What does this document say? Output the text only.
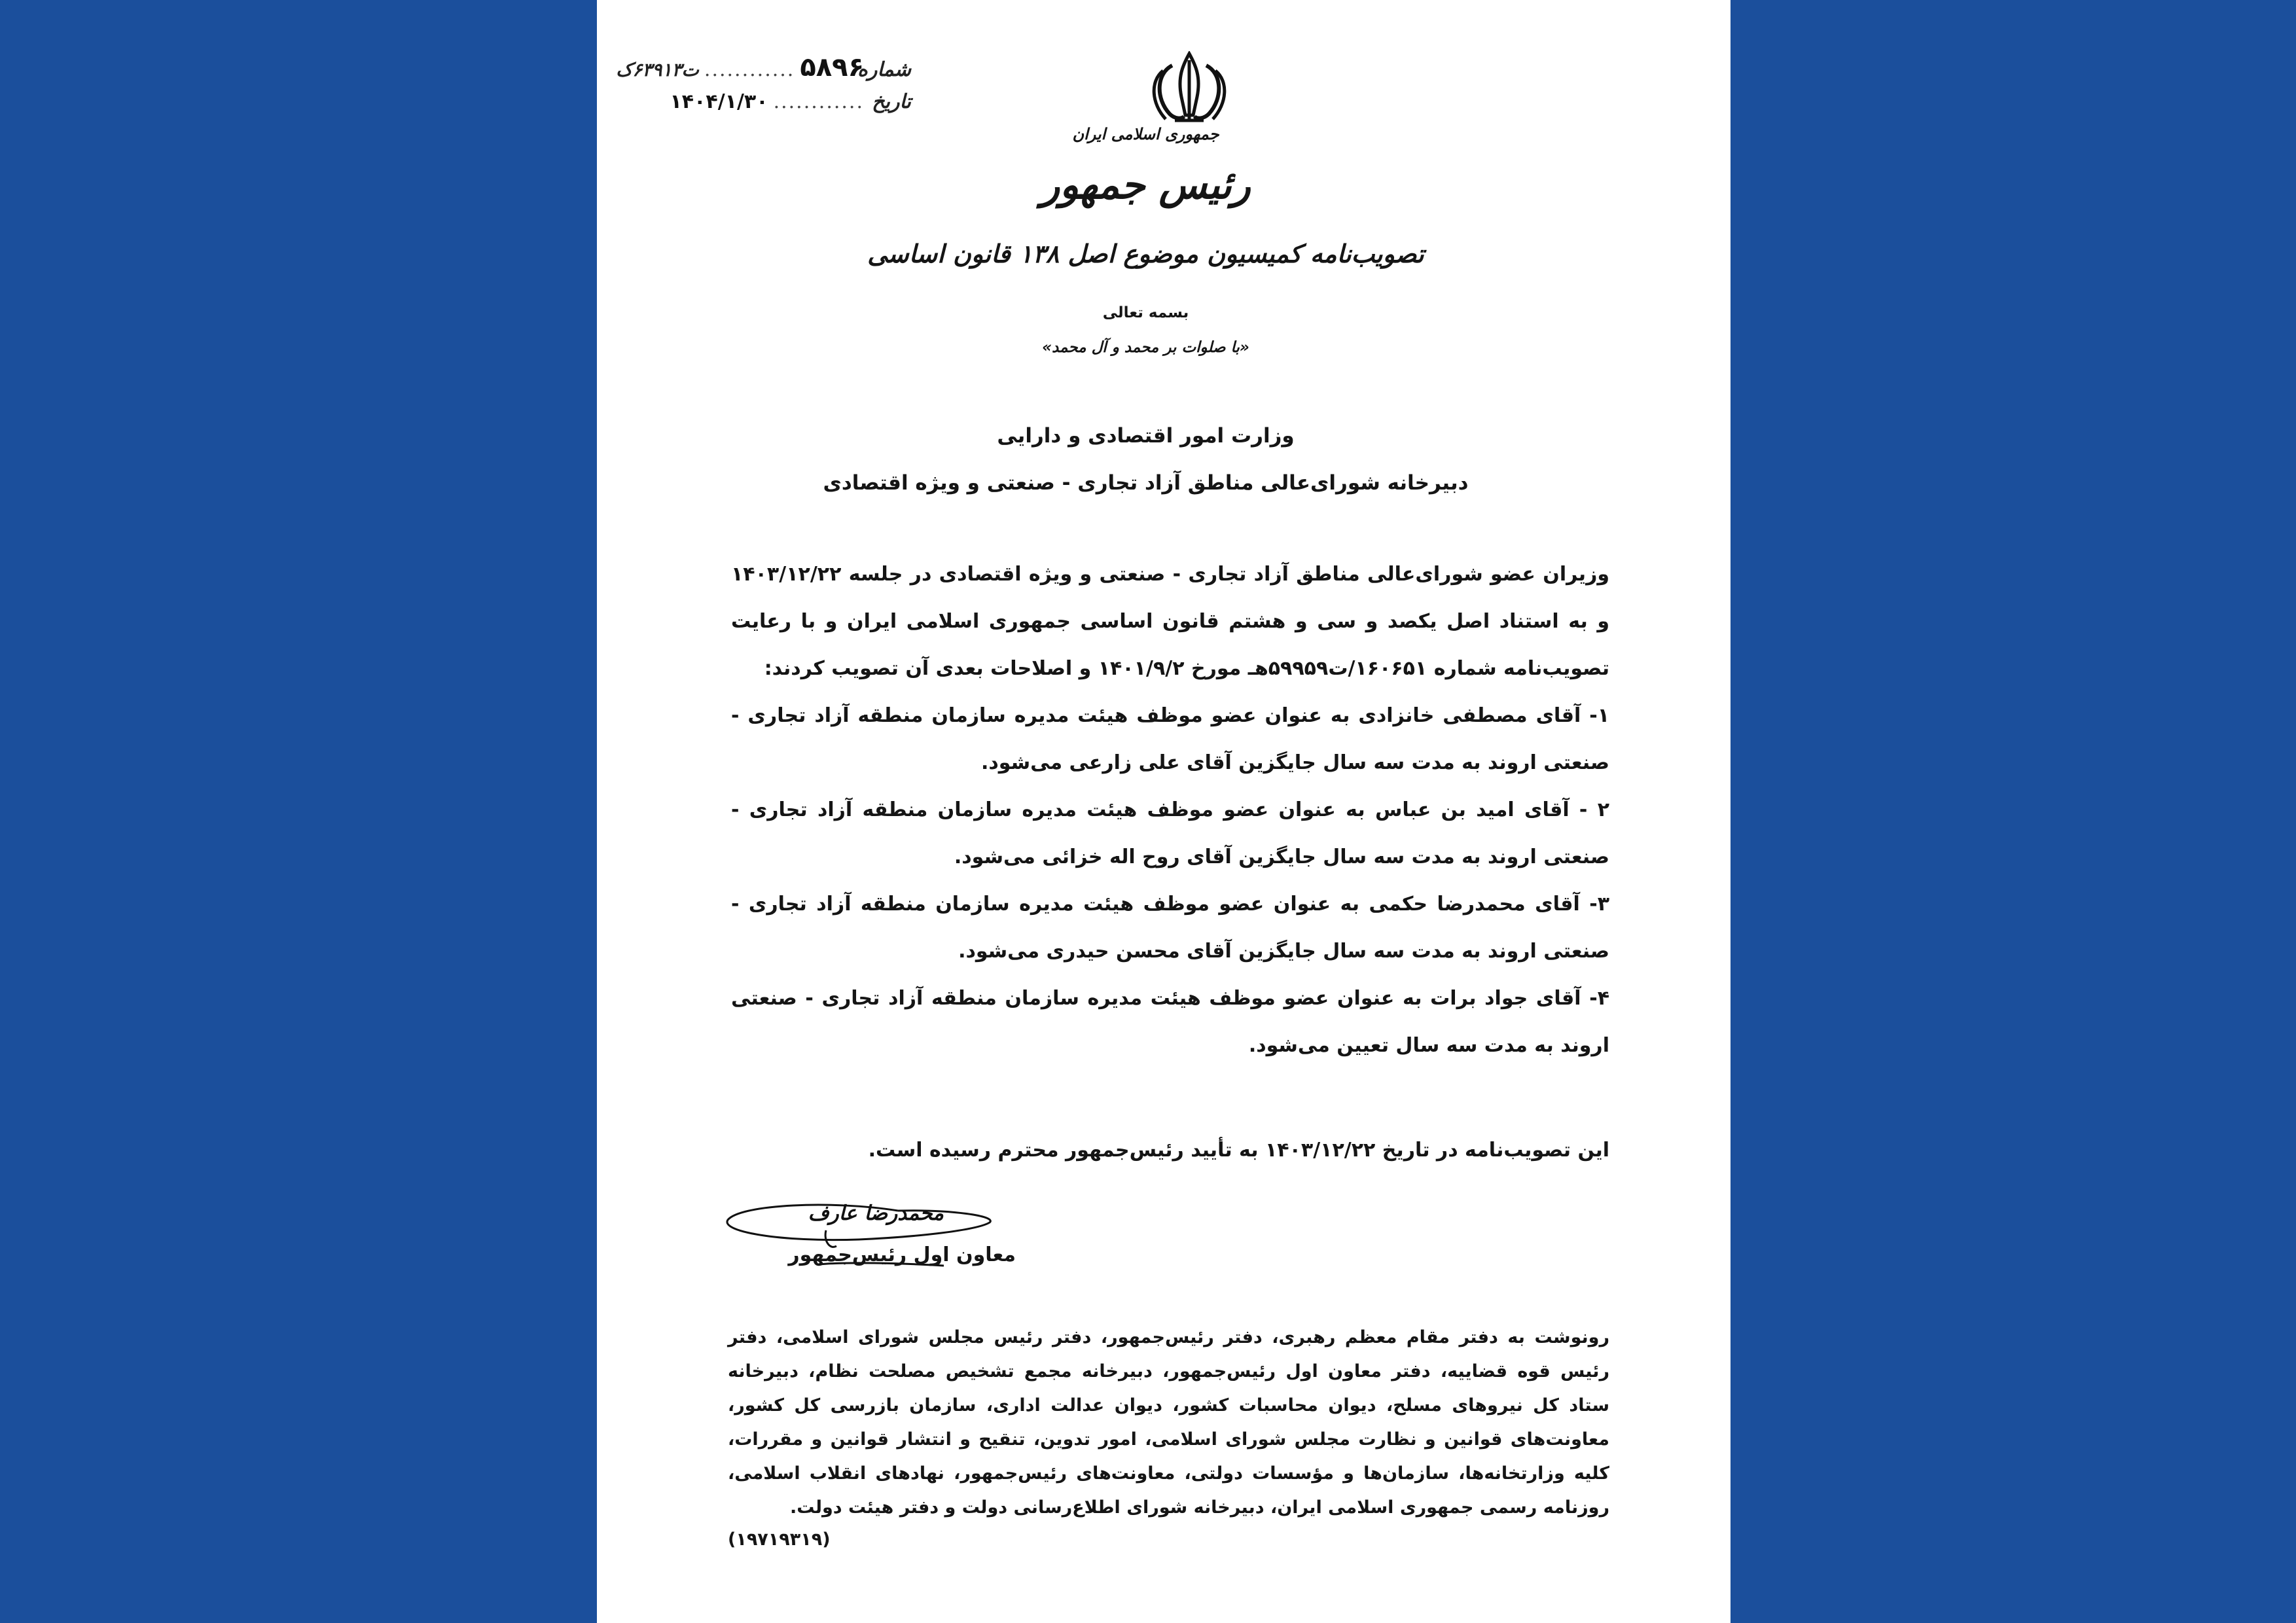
شماره
۵۸۹۶
............
ت۶۳۹۱۳ک
تاریخ
............
۱۴۰۴/۱/۳۰
جمهوری اسلامی ایران
رئیس جمهور
تصویب‌نامه کمیسیون موضوع اصل ۱۳۸ قانون اساسی
بسمه تعالی
«با صلوات بر محمد و آل محمد»
وزارت امور اقتصادی و دارایی
دبیرخانه شورای‌عالی مناطق آزاد تجاری - صنعتی و ویژه اقتصادی

وزیران عضو شورای‌عالی مناطق آزاد تجاری - صنعتی و ویژه اقتصادی در جلسه ۱۴۰۳/۱۲/۲۲ و به استناد اصل یکصد و سی و هشتم قانون اساسی جمهوری اسلامی ایران و با رعایت تصویب‌نامه شماره ۱۶۰۶۵۱/ت۵۹۹۵۹هـ مورخ ۱۴۰۱/۹/۲ و اصلاحات بعدی آن تصویب کردند:

۱- آقای مصطفی خانزادی به عنوان عضو موظف هیئت مدیره سازمان منطقه آزاد تجاری - صنعتی اروند به مدت سه سال جایگزین آقای علی زارعی می‌شود.

۲ - آقای امید بن عباس به عنوان عضو موظف هیئت مدیره سازمان منطقه آزاد تجاری - صنعتی اروند به مدت سه سال جایگزین آقای روح اله خزائی می‌شود.

۳- آقای محمدرضا حکمی به عنوان عضو موظف هیئت مدیره سازمان منطقه آزاد تجاری - صنعتی اروند به مدت سه سال جایگزین آقای محسن حیدری می‌شود.

۴- آقای جواد برات به عنوان عضو موظف هیئت مدیره سازمان منطقه آزاد تجاری - صنعتی اروند به مدت سه سال تعیین می‌شود.

این تصویب‌نامه در تاریخ ۱۴۰۳/۱۲/۲۲ به تأیید رئیس‌جمهور محترم رسیده است.
محمدرضا عارف
معاون اول رئیس‌جمهور
رونوشت به دفتر مقام معظم رهبری، دفتر رئیس‌جمهور، دفتر رئیس مجلس شورای اسلامی، دفتر رئیس قوه قضاییه، دفتر معاون اول رئیس‌جمهور، دبیرخانه مجمع تشخیص مصلحت نظام، دبیرخانه ستاد کل نیروهای مسلح، دیوان محاسبات کشور، دیوان عدالت اداری، سازمان بازرسی کل کشور، معاونت‌های قوانین و نظارت مجلس شورای اسلامی، امور تدوین، تنقیح و انتشار قوانین و مقررات، کلیه وزارتخانه‌ها، سازمان‌ها و مؤسسات دولتی، معاونت‌های رئیس‌جمهور، نهادهای انقلاب اسلامی، روزنامه رسمی جمهوری اسلامی ایران، دبیرخانه شورای اطلاع‌رسانی دولت و دفتر هیئت دولت.
(۱۹۷۱۹۳۱۹)
